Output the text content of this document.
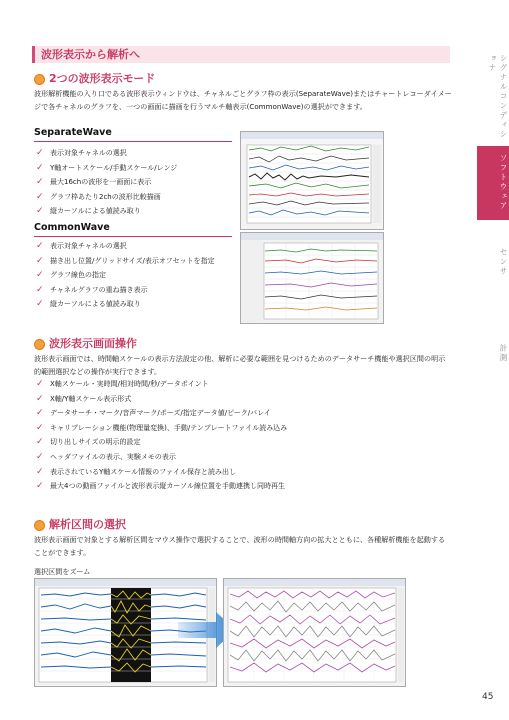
波形表示から解析へ
2つの波形表示モード
波形解析機能の入り口である波形表示ウィンドウは、チャネルごとグラフ枠の表示(SeparateWave)またはチャートレコーダイメージで各チャネルのグラフを、一つの画面に描画を行うマルチ軸表示(CommonWave)の選択ができます。
SeparateWave
✓ 表示対象チャネルの選択
✓ Y軸オートスケール/手動スケール/レンジ
✓ 最大16chの波形を一画面に表示
✓ グラフ枠あたり2chの波形比較描画
✓ 縦カーソルによる値読み取り
CommonWave
✓ 表示対象チャネルの選択
✓ 描き出し位置/グリッドサイズ/表示オフセットを指定
✓ グラフ線色の指定
✓ チャネルグラフの重ね描き表示
✓ 縦カーソルによる値読み取り
波形表示画面操作
波形表示画面では、時間軸スケールの表示方法設定の他、解析に必要な範囲を見つけるためのデータサーチ機能や選択区間の明示的範囲選択などの操作が実行できます。
✓ X軸スケール・実時間/相対時間/秒/データポイント
✓ X軸/Y軸スケール表示形式
✓ データサーチ・マーク/音声マーク/ポーズ/指定データ値/ピーク/バレイ
✓ キャリブレーション機能(物理量変換)、手動/テンプレートファイル読み込み
✓ 切り出しサイズの明示的設定
✓ ヘッダファイルの表示、実験メモの表示
✓ 表示されているY軸スケール情報のファイル保存と読み出し
✓ 最大4つの動画ファイルと波形表示縦カーソル線位置を手動連携し同時再生
解析区間の選択
波形表示画面で対象とする解析区間をマウス操作で選択することで、波形の時間軸方向の拡大とともに、各種解析機能を起動することができます。
選択区間をズーム
シグナルコンディショナ
ソフトウェア
センサ
計測
45
